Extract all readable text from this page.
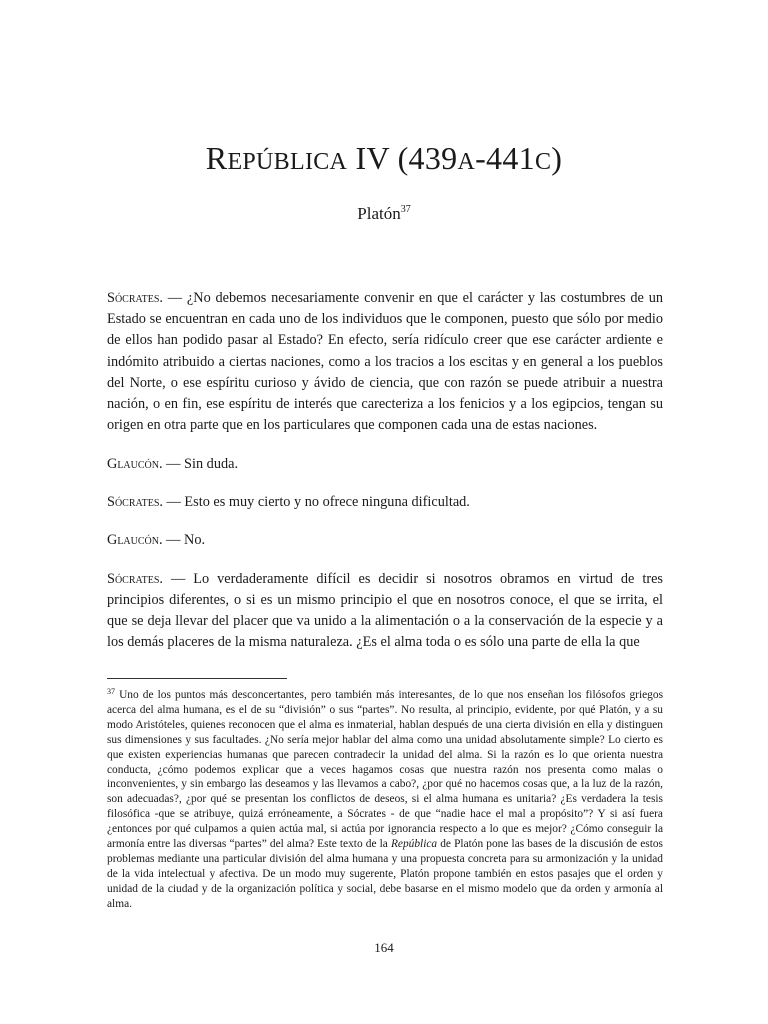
REPÚBLICA IV (439A-441C)
Platón$^{37}$

Sócrates. — ¿No debemos necesariamente convenir en que el carácter y las costumbres de un Estado se encuentran en cada uno de los individuos que le componen, puesto que sólo por medio de ellos han podido pasar al Estado? En efecto, sería ridículo creer que ese carácter ardiente e indómito atribuido a ciertas naciones, como a los tracios a los escitas y en general a los pueblos del Norte, o ese espíritu curioso y ávido de ciencia, que con razón se puede atribuir a nuestra nación, o en fin, ese espíritu de interés que carecteriza a los fenicios y a los egipcios, tengan su origen en otra parte que en los particulares que componen cada una de estas naciones.

Glaucón. — Sin duda.

Sócrates. — Esto es muy cierto y no ofrece ninguna dificultad.

Glaucón. — No.

Sócrates. — Lo verdaderamente difícil es decidir si nosotros obramos en virtud de tres principios diferentes, o si es un mismo principio el que en nosotros conoce, el que se irrita, el que se deja llevar del placer que va unido a la alimentación o a la conservación de la especie y a los demás placeres de la misma naturaleza. ¿Es el alma toda o es sólo una parte de ella la que

$^{37}$ Uno de los puntos más desconcertantes, pero también más interesantes, de lo que nos enseñan los filósofos griegos acerca del alma humana, es el de su “división” o sus “partes”. No resulta, al principio, evidente, por qué Platón, y a su modo Aristóteles, quienes reconocen que el alma es inmaterial, hablan después de una cierta división en ella y distinguen sus dimensiones y sus facultades. ¿No sería mejor hablar del alma como una unidad absolutamente simple? Lo cierto es que existen experiencias humanas que parecen contradecir la unidad del alma. Si la razón es lo que orienta nuestra conducta, ¿cómo podemos explicar que a veces hagamos cosas que nuestra razón nos presenta como malas o inconvenientes, y sin embargo las deseamos y las llevamos a cabo?, ¿por qué no hacemos cosas que, a la luz de la razón, son adecuadas?, ¿por qué se presentan los conflictos de deseos, si el alma humana es unitaria? ¿Es verdadera la tesis filosófica -que se atribuye, quizá erróneamente, a Sócrates - de que “nadie hace el mal a propósito”? Y si así fuera ¿entonces por qué culpamos a quien actúa mal, si actúa por ignorancia respecto a lo que es mejor? ¿Cómo conseguir la armonía entre las diversas “partes” del alma? Este texto de la República de Platón pone las bases de la discusión de estos problemas mediante una particular división del alma humana y una propuesta concreta para su armonización y la unidad de la vida intelectual y afectiva. De un modo muy sugerente, Platón propone también en estos pasajes que el orden y unidad de la ciudad y de la organización política y social, debe basarse en el mismo modelo que da orden y armonía al alma.
164
